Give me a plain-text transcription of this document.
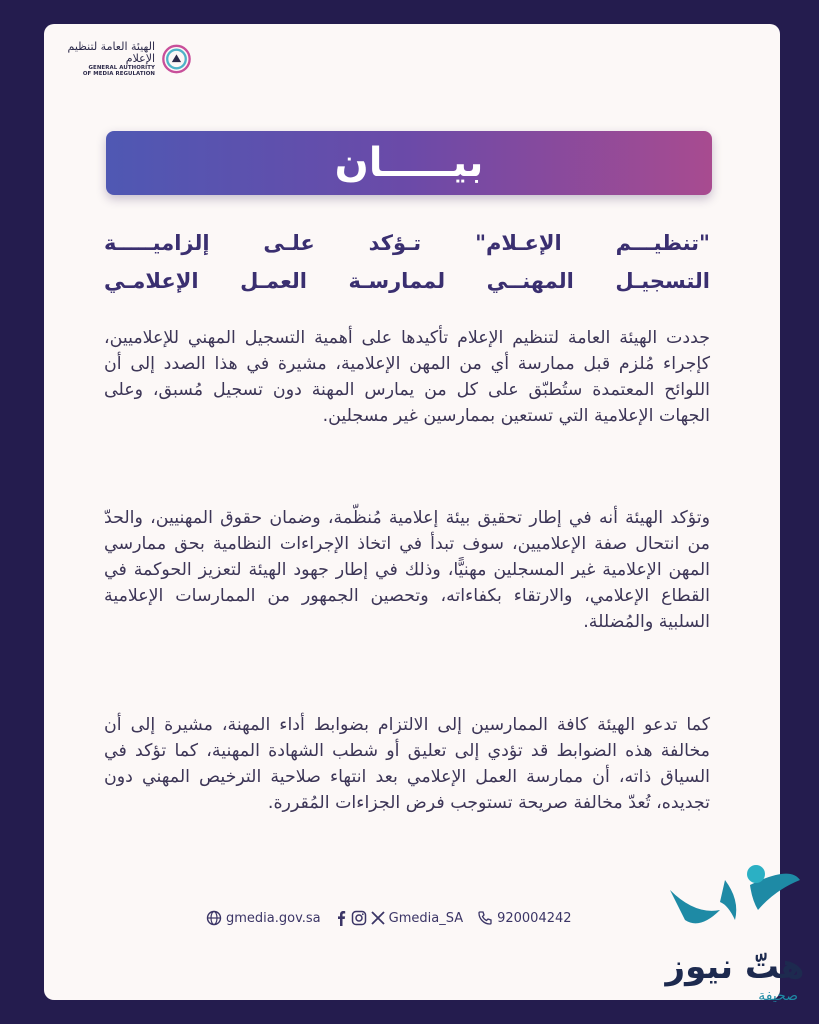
الهيئة العامة لتنظيم الإعلام
GENERAL AUTHORITY
OF MEDIA REGULATION
بيـــــان
"تنظيـــم الإعـلام" تـؤكد علـى إلزاميـــــة
التسجيـل المهنــي لممارسـة العمـل الإعلامـي
جددت الهيئة العامة لتنظيم الإعلام تأكيدها على أهمية التسجيل المهني للإعلاميين، كإجراء مُلزم قبل ممارسة أي من المهن الإعلامية، مشيرة في هذا الصدد إلى أن اللوائح المعتمدة ستُطبّق على كل من يمارس المهنة دون تسجيل مُسبق، وعلى الجهات الإعلامية التي تستعين بممارسين غير مسجلين.
وتؤكد الهيئة أنه في إطار تحقيق بيئة إعلامية مُنظّمة، وضمان حقوق المهنيين، والحدّ من انتحال صفة الإعلاميين، سوف تبدأ في اتخاذ الإجراءات النظامية بحق ممارسي المهن الإعلامية غير المسجلين مهنيًّا، وذلك في إطار جهود الهيئة لتعزيز الحوكمة في القطاع الإعلامي، والارتقاء بكفاءاته، وتحصين الجمهور من الممارسات الإعلامية السلبية والمُضللة.
كما تدعو الهيئة كافة الممارسين إلى الالتزام بضوابط أداء المهنة، مشيرة إلى أن مخالفة هذه الضوابط قد تؤدي إلى تعليق أو شطب الشهادة المهنية، كما تؤكد في السياق ذاته، أن ممارسة العمل الإعلامي بعد انتهاء صلاحية الترخيص المهني دون تجديده، تُعدّ مخالفة صريحة تستوجب فرض الجزاءات المُقررة.
gmedia.gov.sa	Gmedia_SA	920004242
هتّ نيوز
صحيفة
